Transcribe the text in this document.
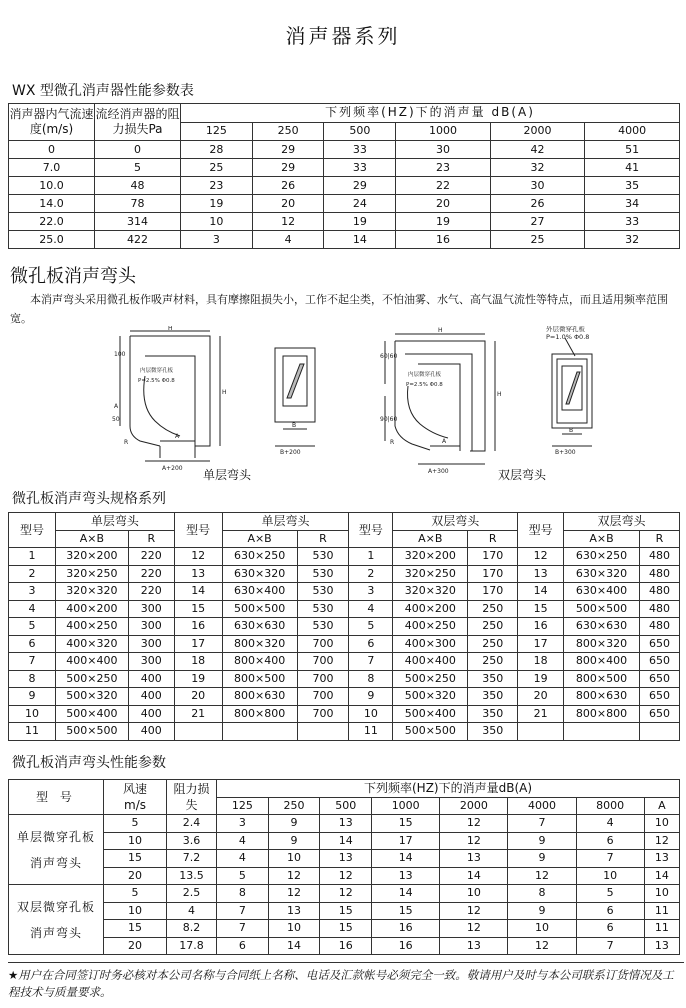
消声器系列
WX 型微孔消声器性能参数表
消声器内气流速度(m/s)	流经消声器的阻力损失Pa	下列频率(HZ)下的消声量 dB(A)					
		125	250	500	1000	2000	4000
0	0	28	29	33	30	42	51
7.0	5	25	29	33	23	32	41
10.0	48	23	26	29	22	30	35
14.0	78	19	20	24	20	26	34
22.0	314	10	12	19	19	27	33
25.0	422	3	4	14	16	25	32
微孔板消声弯头
本消声弯头采用微孔板作吸声材料，具有摩擦阻损失小，工作不起尘类，不怕油雾、水气、高气温气流性等特点，而且适用频率范围宽。
H
H
100
A
50
R
A
A+200
内层微穿孔板
P=2.5% Φ0.8
B
B+200
H
H
60|60
90|60
R	A
A+300
内层微穿孔板
P=2.5% Φ0.8
B
B+300
外层微穿孔板
P=1.0% Φ0.8
单层弯头	双层弯头
微孔板消声弯头规格系列
型号	单层弯头		型号	单层弯头		型号	双层弯头		型号	双层弯头	
	A×B	R		A×B	R		A×B	R		A×B	R
1	320×200	220	12	630×250	530	1	320×200	170	12	630×250	480
2	320×250	220	13	630×320	530	2	320×250	170	13	630×320	480
3	320×320	220	14	630×400	530	3	320×320	170	14	630×400	480
4	400×200	300	15	500×500	530	4	400×200	250	15	500×500	480
5	400×250	300	16	630×630	530	5	400×250	250	16	630×630	480
6	400×320	300	17	800×320	700	6	400×300	250	17	800×320	650
7	400×400	300	18	800×400	700	7	400×400	250	18	800×400	650
8	500×250	400	19	800×500	700	8	500×250	350	19	800×500	650
9	500×320	400	20	800×630	700	9	500×320	350	20	800×630	650
10	500×400	400	21	800×800	700	10	500×400	350	21	800×800	650
11	500×500	400				11	500×500	350			
微孔板消声弯头性能参数
型 号	风速m/s	阻力损失	下列频率(HZ)下的消声量dB(A)							
			125	250	500	1000	2000	4000	8000	A
单层微穿孔板消声弯头	5	2.4	3	9	13	15	12	7	4	10
	10	3.6	4	9	14	17	12	9	6	12
	15	7.2	4	10	13	14	13	9	7	13
	20	13.5	5	12	12	13	14	12	10	14
双层微穿孔板消声弯头	5	2.5	8	12	12	14	10	8	5	10
	10	4	7	13	15	15	12	9	6	11
	15	8.2	7	10	15	16	12	10	6	11
	20	17.8	6	14	16	16	13	12	7	13
★用户在合同签订时务必核对本公司名称与合同纸上名称、电话及汇款帐号必须完全一致。敬请用户及时与本公司联系订货情况及工程技术与质量要求。
